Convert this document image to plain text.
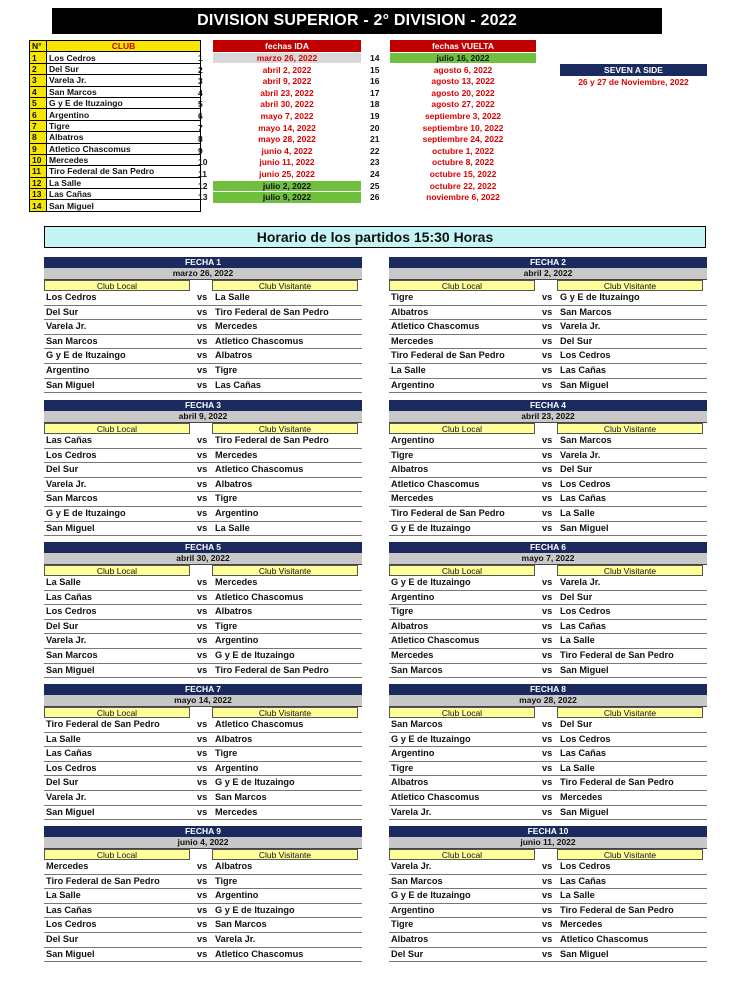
DIVISION SUPERIOR - 2° DIVISION - 2022
N°	CLUB
1	Los Cedros
2	Del Sur
3	Varela Jr.
4	San Marcos
5	G y E de Ituzaingo
6	Argentino
7	Tigre
8	Albatros
9	Atletico Chascomus
10	Mercedes
11	Tiro Federal de San Pedro
12	La Salle
13	Las Cañas
14	San Miguel
fechas IDA
1	marzo 26, 2022
2	abril 2, 2022
3	abril 9, 2022
4	abril 23, 2022
5	abril 30, 2022
6	mayo 7, 2022
7	mayo 14, 2022
8	mayo 28, 2022
9	junio 4, 2022
10	junio 11, 2022
11	junio 25, 2022
12	julio 2, 2022
13	julio 9, 2022
fechas VUELTA
14	julio 16, 2022
15	agosto 6, 2022
16	agosto 13, 2022
17	agosto 20, 2022
18	agosto 27, 2022
19	septiembre 3, 2022
20	septiembre 10, 2022
21	septiembre 24, 2022
22	octubre 1, 2022
23	octubre 8, 2022
24	octubre 15, 2022
25	octubre 22, 2022
26	noviembre 6, 2022
SEVEN A SIDE
26 y 27 de Noviembre, 2022
Horario de los partidos 15:30 Horas
FECHA 1
marzo 26, 2022
Club Local	Club Visitante
Los Cedros	vs La Salle
Del Sur	vs Tiro Federal de San Pedro
Varela Jr.	vs Mercedes
San Marcos	vs Atletico Chascomus
G y E de Ituzaingo	vs Albatros
Argentino	vs Tigre
San Miguel	vs Las Cañas
FECHA 2
abril 2, 2022
Club Local	Club Visitante
Tigre	vs G y E de Ituzaingo
Albatros	vs San Marcos
Atletico Chascomus	vs Varela Jr.
Mercedes	vs Del Sur
Tiro Federal de San Pedro	vs Los Cedros
La Salle	vs Las Cañas
Argentino	vs San Miguel
FECHA 3
abril 9, 2022
Club Local	Club Visitante
Las Cañas	vs Tiro Federal de San Pedro
Los Cedros	vs Mercedes
Del Sur	vs Atletico Chascomus
Varela Jr.	vs Albatros
San Marcos	vs Tigre
G y E de Ituzaingo	vs Argentino
San Miguel	vs La Salle
FECHA 4
abril 23, 2022
Club Local	Club Visitante
Argentino	vs San Marcos
Tigre	vs Varela Jr.
Albatros	vs Del Sur
Atletico Chascomus	vs Los Cedros
Mercedes	vs Las Cañas
Tiro Federal de San Pedro	vs La Salle
G y E de Ituzaingo	vs San Miguel
FECHA 5
abril 30, 2022
Club Local	Club Visitante
La Salle	vs Mercedes
Las Cañas	vs Atletico Chascomus
Los Cedros	vs Albatros
Del Sur	vs Tigre
Varela Jr.	vs Argentino
San Marcos	vs G y E de Ituzaingo
San Miguel	vs Tiro Federal de San Pedro
FECHA 6
mayo 7, 2022
Club Local	Club Visitante
G y E de Ituzaingo	vs Varela Jr.
Argentino	vs Del Sur
Tigre	vs Los Cedros
Albatros	vs Las Cañas
Atletico Chascomus	vs La Salle
Mercedes	vs Tiro Federal de San Pedro
San Marcos	vs San Miguel
FECHA 7
mayo 14, 2022
Club Local	Club Visitante
Tiro Federal de San Pedro	vs Atletico Chascomus
La Salle	vs Albatros
Las Cañas	vs Tigre
Los Cedros	vs Argentino
Del Sur	vs G y E de Ituzaingo
Varela Jr.	vs San Marcos
San Miguel	vs Mercedes
FECHA 8
mayo 28, 2022
Club Local	Club Visitante
San Marcos	vs Del Sur
G y E de Ituzaingo	vs Los Cedros
Argentino	vs Las Cañas
Tigre	vs La Salle
Albatros	vs Tiro Federal de San Pedro
Atletico Chascomus	vs Mercedes
Varela Jr.	vs San Miguel
FECHA 9
junio 4, 2022
Club Local	Club Visitante
Mercedes	vs Albatros
Tiro Federal de San Pedro	vs Tigre
La Salle	vs Argentino
Las Cañas	vs G y E de Ituzaingo
Los Cedros	vs San Marcos
Del Sur	vs Varela Jr.
San Miguel	vs Atletico Chascomus
FECHA 10
junio 11, 2022
Club Local	Club Visitante
Varela Jr.	vs Los Cedros
San Marcos	vs Las Cañas
G y E de Ituzaingo	vs La Salle
Argentino	vs Tiro Federal de San Pedro
Tigre	vs Mercedes
Albatros	vs Atletico Chascomus
Del Sur	vs San Miguel
